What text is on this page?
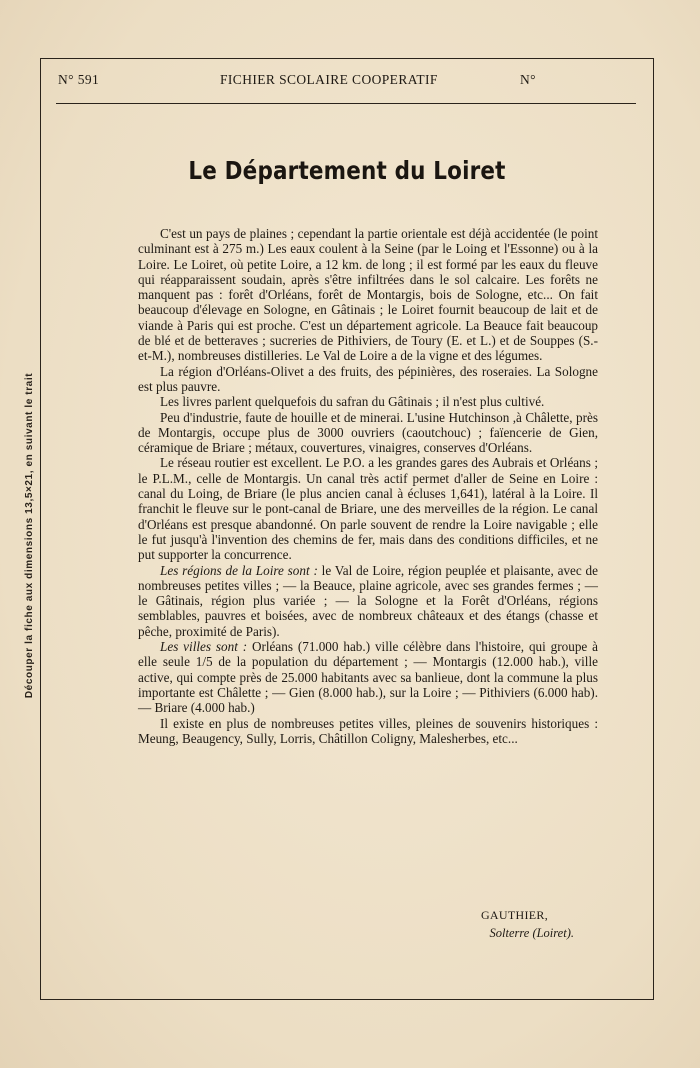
Découper la fiche aux dimensions 13,5×21, en suivant le trait
N° 591	FICHIER SCOLAIRE COOPERATIF	N°
Le Département du Loiret

C'est un pays de plaines ; cependant la partie orientale est déjà accidentée (le point culminant est à 275 m.) Les eaux coulent à la Seine (par le Loing et l'Essonne) ou à la Loire. Le Loiret, où petite Loire, a 12 km. de long ; il est formé par les eaux du fleuve qui réapparaissent soudain, après s'être infiltrées dans le sol calcaire. Les forêts ne manquent pas : forêt d'Orléans, forêt de Montargis, bois de Sologne, etc... On fait beaucoup d'élevage en Sologne, en Gâtinais ; le Loiret fournit beaucoup de lait et de viande à Paris qui est proche. C'est un département agricole. La Beauce fait beaucoup de blé et de betteraves ; sucreries de Pithiviers, de Toury (E. et L.) et de Souppes (S.-et-M.), nombreuses distilleries. Le Val de Loire a de la vigne et des légumes.

La région d'Orléans-Olivet a des fruits, des pépinières, des roseraies. La Sologne est plus pauvre.

Les livres parlent quelquefois du safran du Gâtinais ; il n'est plus cultivé.

Peu d'industrie, faute de houille et de minerai. L'usine Hutchinson ,à Châlette, près de Montargis, occupe plus de 3000 ouvriers (caoutchouc) ; faïencerie de Gien, céramique de Briare ; métaux, couvertures, vinaigres, conserves d'Orléans.

Le réseau routier est excellent. Le P.O. a les grandes gares des Aubrais et Orléans ; le P.L.M., celle de Montargis. Un canal très actif permet d'aller de Seine en Loire : canal du Loing, de Briare (le plus ancien canal à écluses 1,641), latéral à la Loire. Il franchit le fleuve sur le pont-canal de Briare, une des merveilles de la région. Le canal d'Orléans est presque abandonné. On parle souvent de rendre la Loire navigable ; elle le fut jusqu'à l'invention des chemins de fer, mais dans des conditions difficiles, et ne put supporter la concurrence.

Les régions de la Loire sont : le Val de Loire, région peuplée et plaisante, avec de nombreuses petites villes ; — la Beauce, plaine agricole, avec ses grandes fermes ; — le Gâtinais, région plus variée ; — la Sologne et la Forêt d'Orléans, régions semblables, pauvres et boisées, avec de nombreux châteaux et des étangs (chasse et pêche, proximité de Paris).

Les villes sont : Orléans (71.000 hab.) ville célèbre dans l'histoire, qui groupe à elle seule 1/5 de la population du département ; — Montargis (12.000 hab.), ville active, qui compte près de 25.000 habitants avec sa banlieue, dont la commune la plus importante est Châlette ; — Gien (8.000 hab.), sur la Loire ; — Pithiviers (6.000 hab). — Briare (4.000 hab.)

Il existe en plus de nombreuses petites villes, pleines de souvenirs historiques : Meung, Beaugency, Sully, Lorris, Châtillon Coligny, Malesherbes, etc...

GAUTHIER,
Solterre (Loiret).
